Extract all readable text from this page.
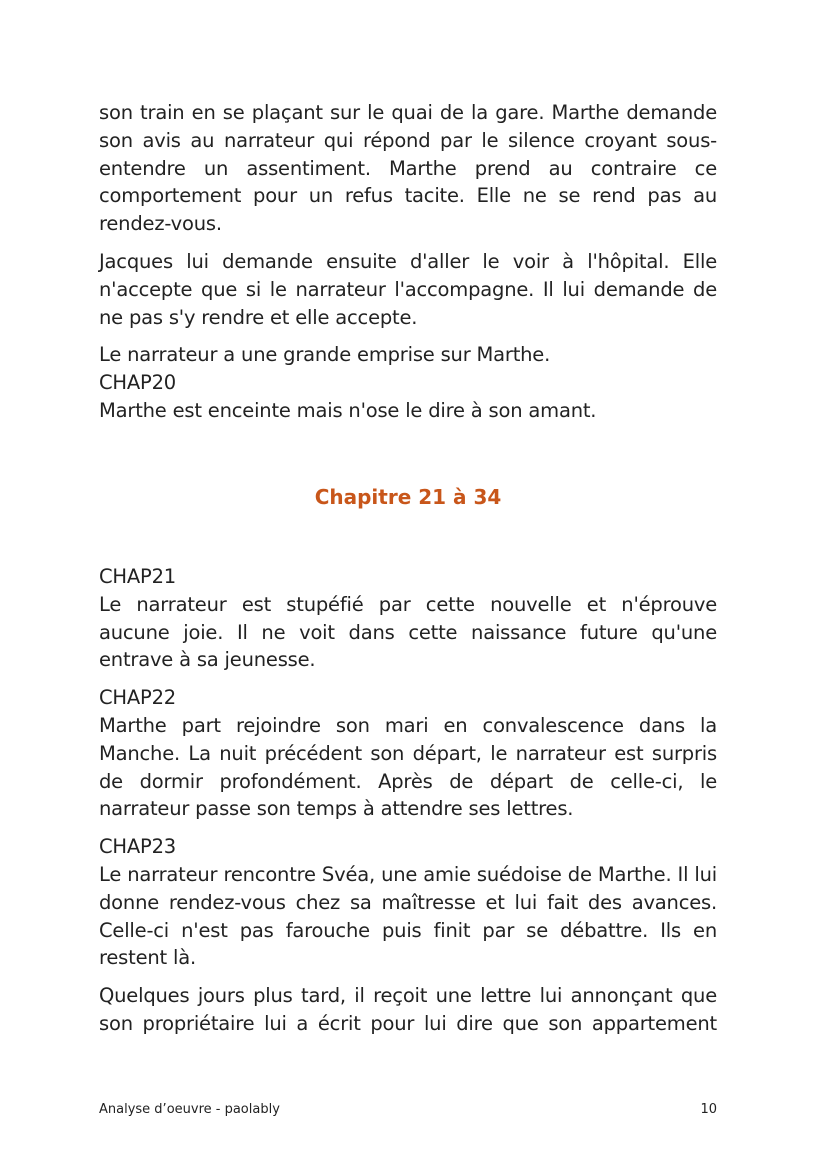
son train en se plaçant sur le quai de la gare. Marthe demande son avis au narrateur qui répond par le silence croyant sous-entendre un assentiment. Marthe prend au contraire ce comportement pour un refus tacite. Elle ne se rend pas au rendez-vous.

Jacques lui demande ensuite d'aller le voir à l'hôpital. Elle n'accepte que si le narrateur l'accompagne. Il lui demande de ne pas s'y rendre et elle accepte.

Le narrateur a une grande emprise sur Marthe.

CHAP20

Marthe est enceinte mais n'ose le dire à son amant.

Chapitre 21 à 34

CHAP21

Le narrateur est stupéfié par cette nouvelle et n'éprouve aucune joie. Il ne voit dans cette naissance future qu'une entrave à sa jeunesse.

CHAP22

Marthe part rejoindre son mari en convalescence dans la Manche. La nuit précédent son départ, le narrateur est surpris de dormir profondément. Après de départ de celle-ci, le narrateur passe son temps à attendre ses lettres.

CHAP23

Le narrateur rencontre Svéa, une amie suédoise de Marthe. Il lui donne rendez-vous chez sa maîtresse et lui fait des avances. Celle-ci n'est pas farouche puis finit par se débattre. Ils en restent là.

Quelques jours plus tard, il reçoit une lettre lui annonçant que son propriétaire lui a écrit pour lui dire que son appartement

Analyse d’oeuvre - paolably	10
